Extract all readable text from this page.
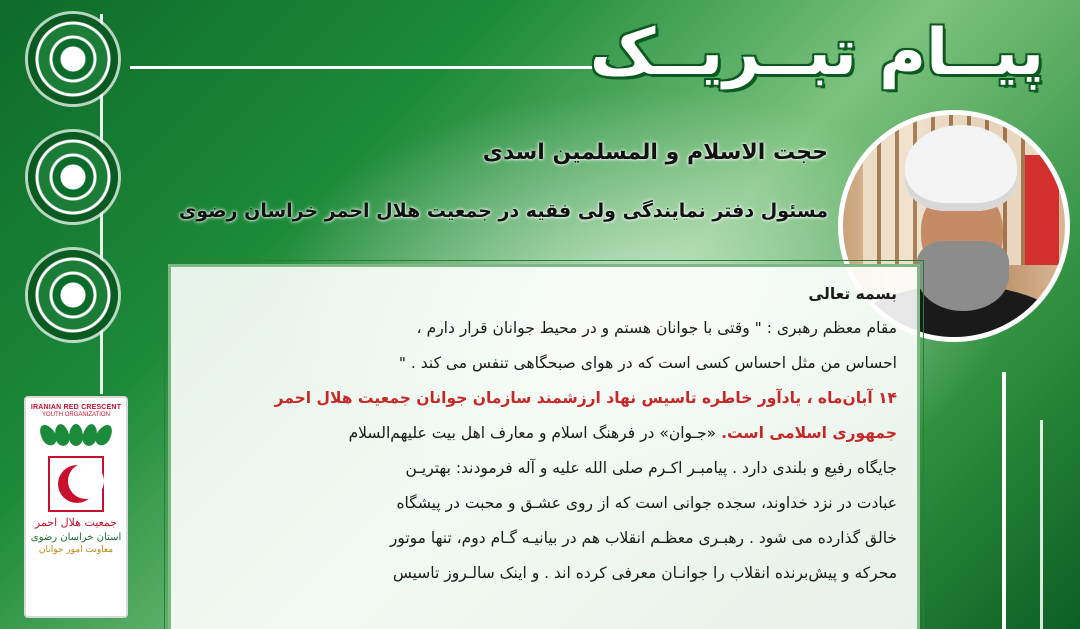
IRANIAN RED CRESCENT
YOUTH ORGANIZATION
جمعیت هلال احمر
استان خراسان رضوی
معاونت امور جوانان
پیــام تبــریــک
حجت الاسلام و المسلمین اسدی
مسئول دفتر نمایندگی ولی فقیه در جمعیت هلال احمر خراسان رضوی
بسمه تعالی
مقام معظم رهبری : " وقتی با جوانان هستم و در محیط جوانان قرار دارم ،
احساس من مثل احساس کسی است که در هوای صبحگاهی تنفس می کند . "
۱۴ آبان‌ماه ، یادآور خاطره تاسیس نهاد ارزشمند سازمان جوانان جمعیت هلال احمر
جمهوری اسلامی است. «جـوان» در فرهنگ اسلام و معارف اهل بیت علیهم‌السلام
جایگاه رفیع و بلندی دارد . پیامبـر اکـرم صلی الله علیه و آله فرمودند: بهتریـن
عبادت در نزد خداوند، سجده جوانی است که از روی عشـق و محبت در پیشگاه
خالق گذارده می شود . رهبـری معظـم انقلاب هم در بیانیـه گـام دوم، تنها موتور
محرکه و پیش‌برنده انقلاب را جوانـان معرفی کرده اند . و اینک سالـروز تاسیس
